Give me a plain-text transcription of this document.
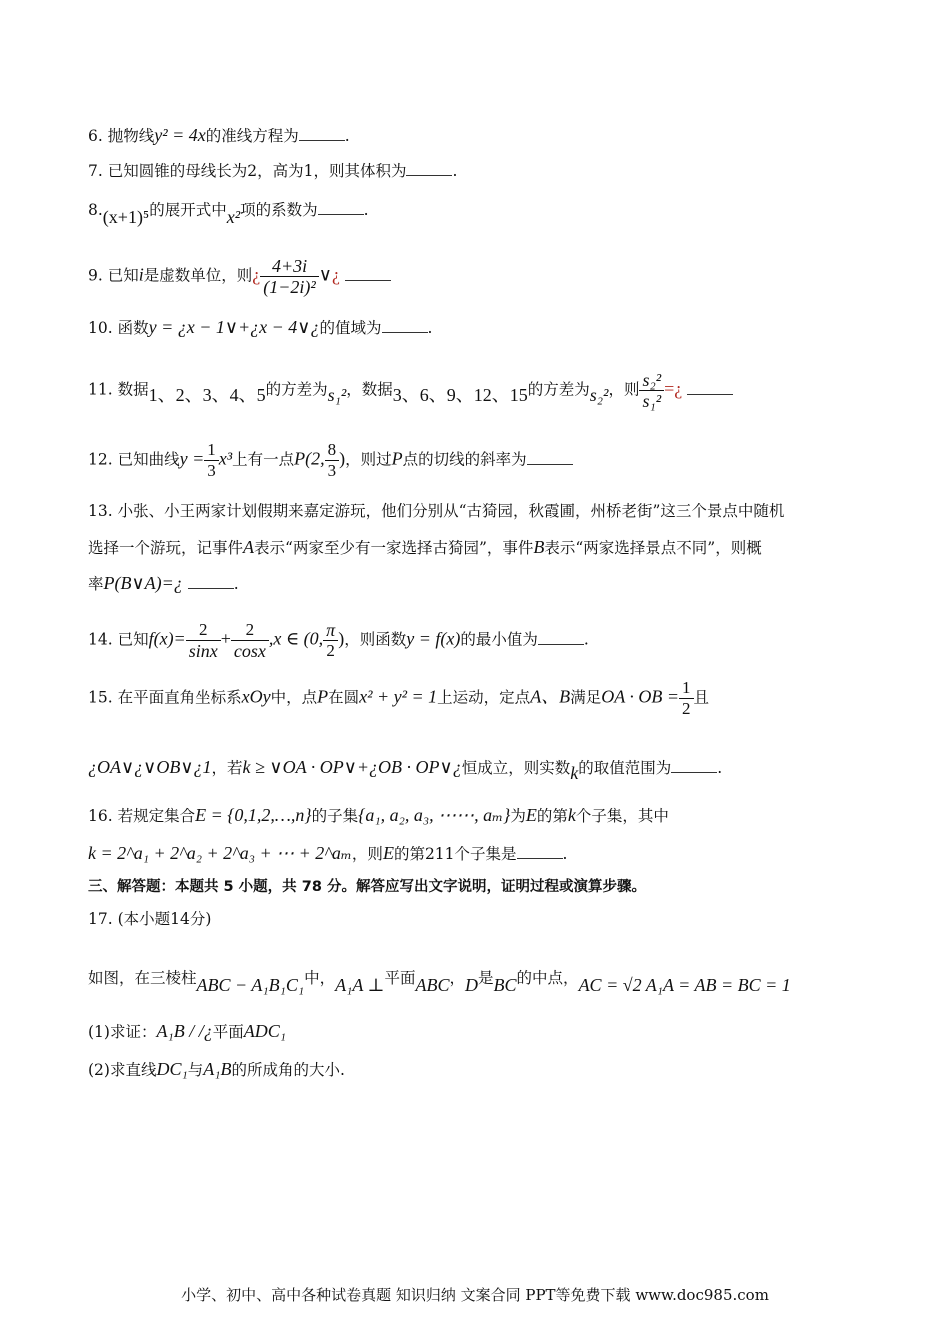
6. 抛物线y² = 4x的准线方程为	.
7. 已知圆锥的母线长为2，高为1，则其体积为	.
8.(x+1)⁵的展开式中x²项的系数为	.
9. 已知i是虚数单位，则¿ $\frac{4+3i}{\text{(1−2i)²}}$ ∨¿
10. 函数y = ¿x − 1∨+¿x − 4∨¿的值域为	.
11. 数据1、2、3、4、5的方差为s₁²，数据3、6、9、12、15的方差为s₂²，则 $\frac{\text{s₂²}}{\text{s₁²}}$ =¿
12. 已知曲线$y = \frac{1}{3} x^3$上有一点P(2, $\frac{8}{3}$ )，则过P点的切线的斜率为
13. 小张、小王两家计划假期来嘉定游玩，他们分别从“古猗园，秋霞圃，州桥老街”这三个景点中随机
选择一个游玩，记事件A表示“两家至少有一家选择古猗园”，事件B表示“两家选择景点不同”，则概
率P(B∨A)=¿	.
14. 已知$f(x)= \frac{2}{\sin x} + \frac{2}{\cos x} ,x$ ∈ (0, $\frac{\pi}{2}$ )，则函数y = f(x)的最小值为	.
15. 在平面直角坐标系xOy中，点P在圆x² + y² = 1上运动，定点A、B满足OA · OB = $\frac{1}{2}$ 且
¿OA∨¿∨OB∨¿1，若k ≥ ∨OA · OP∨+¿OB · OP∨¿恒成立，则实数k的取值范围为	.
16. 若规定集合E = {0,1,2,…,n}的子集{a₁, a₂, a₃, ⋯⋯, aₘ}为E的第k个子集，其中
k = 2^a₁ + 2^a₂ + 2^a₃ + ⋯ + 2^aₘ，则E的第211个子集是	.
三、解答题：本题共 5 小题，共 78 分。解答应写出文字说明，证明过程或演算步骤。
17. (本小题14分)
如图，在三棱柱ABC − A₁B₁C₁中，A₁A ⊥平面ABC，D是BC的中点，AC = √2 A₁A = AB = BC = 1
(1)求证：A₁B / /¿平面ADC₁
(2)求直线DC₁与A₁B的所成角的大小.
小学、初中、高中各种试卷真题 知识归纳 文案合同 PPT等免费下载 www.doc985.com
